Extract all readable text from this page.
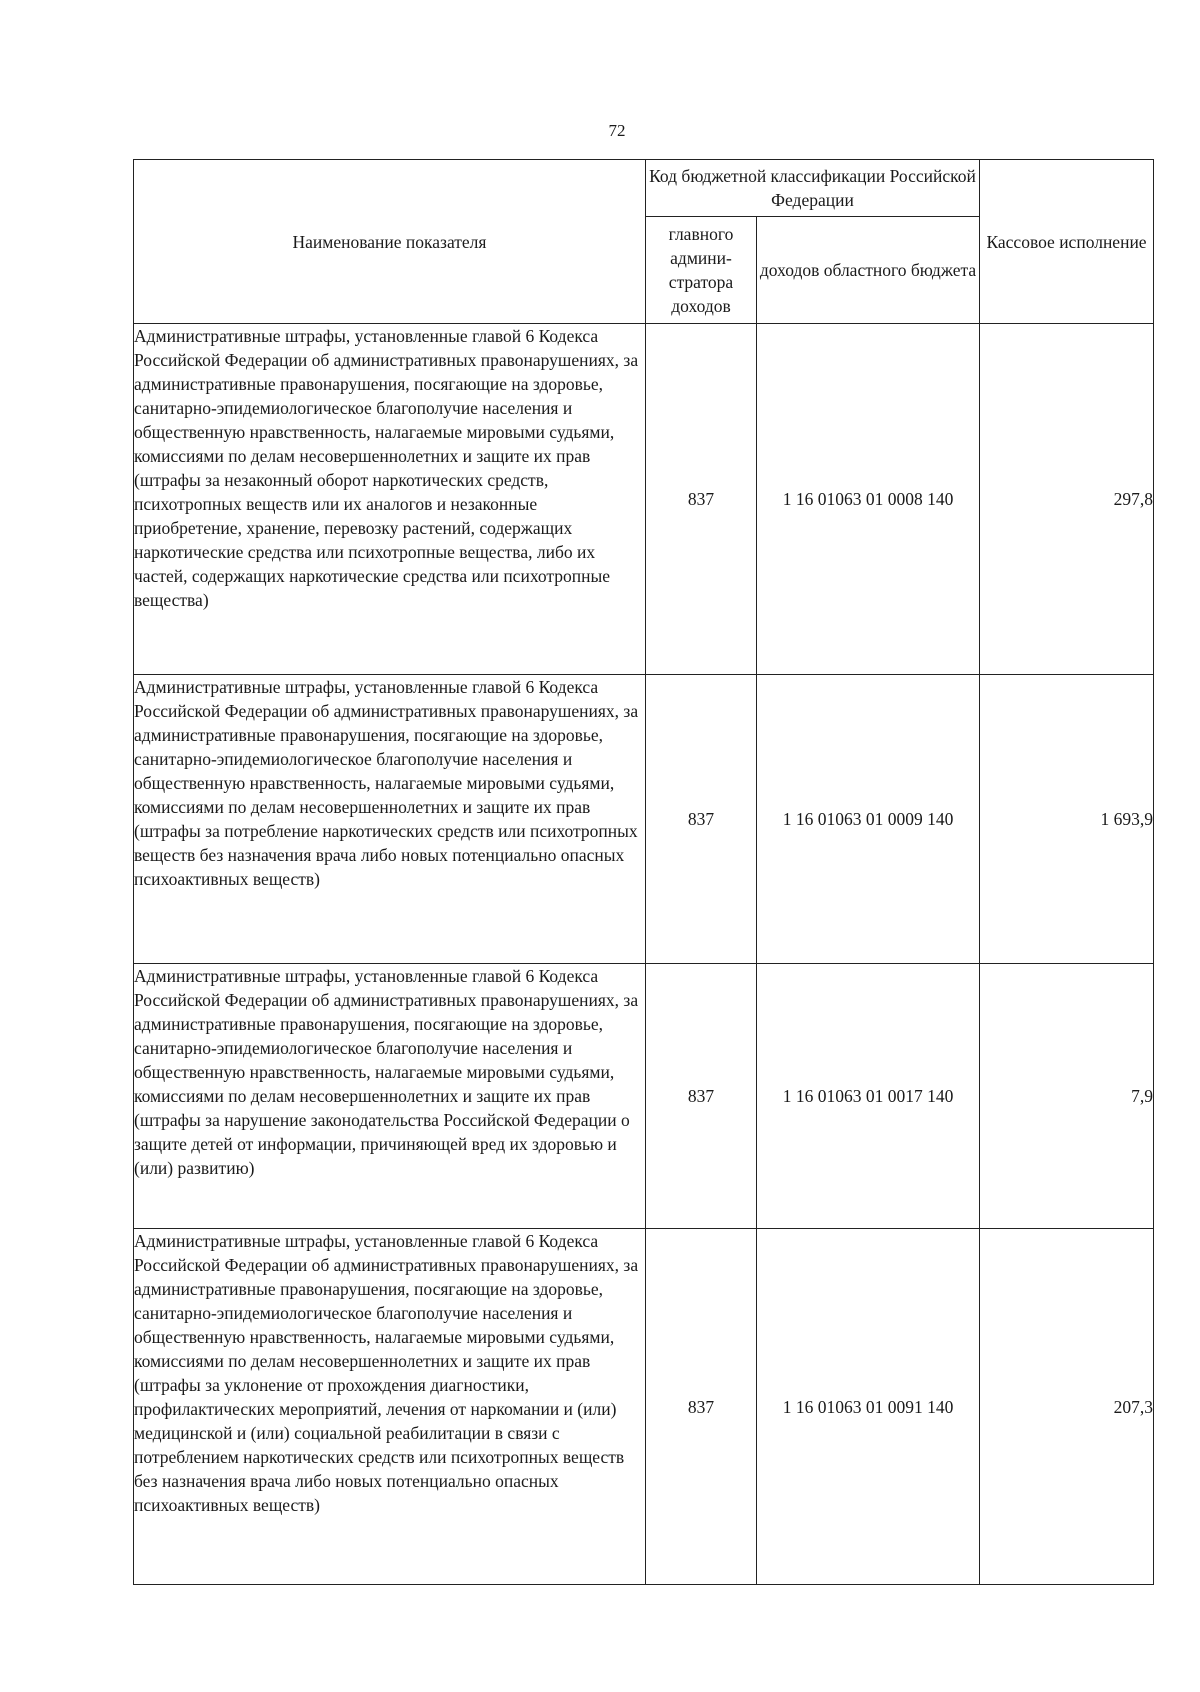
72
Наименование показателя	Код бюджетной классификации Российской Федерации		Кассовое исполнение
	главного админи-стратора доходов	доходов областного бюджета	
Административные штрафы, установленные главой 6 Кодекса Российской Федерации об административных правонарушениях, за административные правонарушения, посягающие на здоровье, санитарно-эпидемиологическое благополучие населения и общественную нравственность, налагаемые мировыми судьями, комиссиями по делам несовершеннолетних и защите их прав (штрафы за незаконный оборот наркотических средств, психотропных веществ или их аналогов и незаконные приобретение, хранение, перевозку растений, содержащих наркотические средства или психотропные вещества, либо их частей, содержащих наркотические средства или психотропные вещества)	837	1 16 01063 01 0008 140	297,8
Административные штрафы, установленные главой 6 Кодекса Российской Федерации об административных правонарушениях, за административные правонарушения, посягающие на здоровье, санитарно-эпидемиологическое благополучие населения и общественную нравственность, налагаемые мировыми судьями, комиссиями по делам несовершеннолетних и защите их прав (штрафы за потребление наркотических средств или психотропных веществ без назначения врача либо новых потенциально опасных психоактивных веществ)	837	1 16 01063 01 0009 140	1 693,9
Административные штрафы, установленные главой 6 Кодекса Российской Федерации об административных правонарушениях, за административные правонарушения, посягающие на здоровье, санитарно-эпидемиологическое благополучие населения и общественную нравственность, налагаемые мировыми судьями, комиссиями по делам несовершеннолетних и защите их прав (штрафы за нарушение законодательства Российской Федерации о защите детей от информации, причиняющей вред их здоровью и (или) развитию)	837	1 16 01063 01 0017 140	7,9
Административные штрафы, установленные главой 6 Кодекса Российской Федерации об административных правонарушениях, за административные правонарушения, посягающие на здоровье, санитарно-эпидемиологическое благополучие населения и общественную нравственность, налагаемые мировыми судьями, комиссиями по делам несовершеннолетних и защите их прав (штрафы за уклонение от прохождения диагностики, профилактических мероприятий, лечения от наркомании и (или) медицинской и (или) социальной реабилитации в связи с потреблением наркотических средств или психотропных веществ без назначения врача либо новых потенциально опасных психоактивных веществ)	837	1 16 01063 01 0091 140	207,3
